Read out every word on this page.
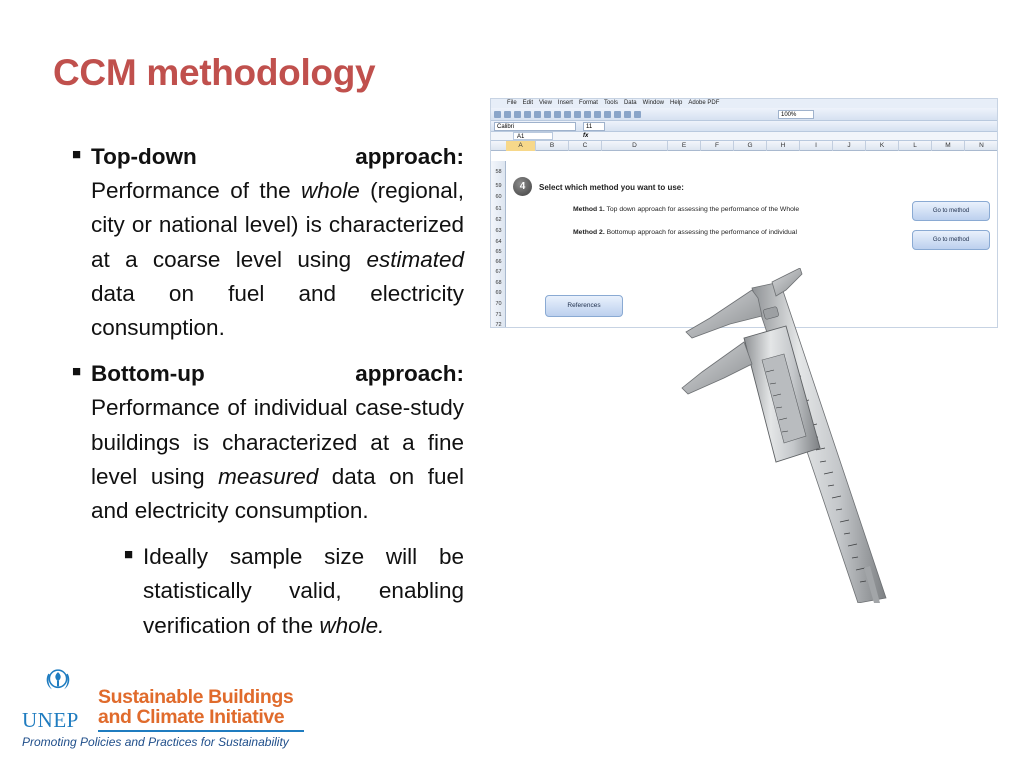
CCM methodology
■ Top-down	approach:
Performance of the whole (regional, city or national level) is characterized at a coarse level using estimated data on fuel and electricity consumption.
■ Bottom-up	approach:
Performance of individual case-study buildings is characterized at a fine level using measured data on fuel and electricity consumption.
■ Ideally sample size will be statistically valid, enabling verification of the whole.
File Edit View Insert Format Tools Data Window Help Adobe PDF
100%
Calibri	11
A1	fx
A	B	C	D	E	F	G	H	I	J	K	L	M	N
58
59
60
61
62
63
64
65
66
67
68
69
70
71
72
4	Select which method you want to use:
Method 1. Top down approach for assessing the performance of the Whole
Method 2. Bottomup approach for assessing the performance of individual
Go to method
Go to method
References
UNEP
Sustainable Buildings
and Climate Initiative
Promoting Policies and Practices for Sustainability
